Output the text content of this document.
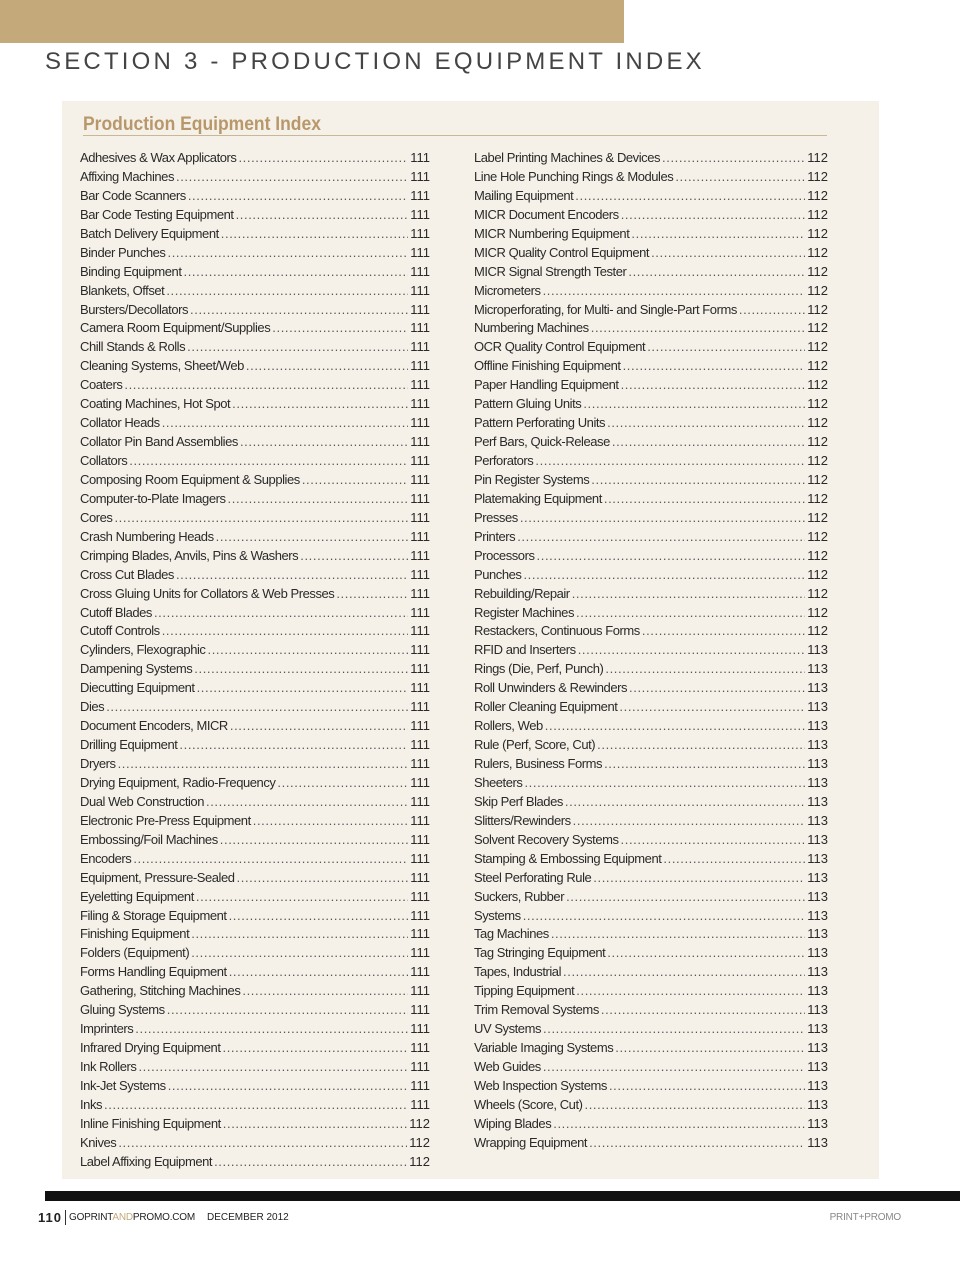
SECTION 3 - PRODUCTION EQUIPMENT INDEX
Production Equipment Index
Adhesives & Wax Applicators .....	111
Affixing Machines .....	111
Bar Code Scanners .....	111
Bar Code Testing Equipment .....	111
Batch Delivery Equipment .....	111
Binder Punches .....	111
Binding Equipment .....	111
Blankets, Offset .....	111
Bursters/Decollators .....	111
Camera Room Equipment/Supplies .....	111
Chill Stands & Rolls .....	111
Cleaning Systems, Sheet/Web .....	111
Coaters .....	111
Coating Machines, Hot Spot .....	111
Collator Heads .....	111
Collator Pin Band Assemblies .....	111
Collators .....	111
Composing Room Equipment & Supplies .....	111
Computer-to-Plate Imagers .....	111
Cores .....	111
Crash Numbering Heads .....	111
Crimping Blades, Anvils, Pins & Washers .....	111
Cross Cut Blades .....	111
Cross Gluing Units for Collators & Web Presses .....	111
Cutoff Blades .....	111
Cutoff Controls .....	111
Cylinders, Flexographic .....	111
Dampening Systems .....	111
Diecutting Equipment .....	111
Dies .....	111
Document Encoders, MICR .....	111
Drilling Equipment .....	111
Dryers .....	111
Drying Equipment, Radio-Frequency .....	111
Dual Web Construction .....	111
Electronic Pre-Press Equipment .....	111
Embossing/Foil Machines .....	111
Encoders .....	111
Equipment, Pressure-Sealed .....	111
Eyeletting Equipment .....	111
Filing & Storage Equipment .....	111
Finishing Equipment .....	111
Folders (Equipment) .....	111
Forms Handling Equipment .....	111
Gathering, Stitching Machines .....	111
Gluing Systems .....	111
Imprinters .....	111
Infrared Drying Equipment .....	111
Ink Rollers .....	111
Ink-Jet Systems .....	111
Inks .....	111
Inline Finishing Equipment .....	112
Knives .....	112
Label Affixing Equipment .....	112
Label Printing Machines & Devices .....	112
Line Hole Punching Rings & Modules .....	112
Mailing Equipment .....	112
MICR Document Encoders .....	112
MICR Numbering Equipment .....	112
MICR Quality Control Equipment .....	112
MICR Signal Strength Tester .....	112
Micrometers .....	112
Microperforating, for Multi- and Single-Part Forms .....	112
Numbering Machines .....	112
OCR Quality Control Equipment .....	112
Offline Finishing Equipment .....	112
Paper Handling Equipment .....	112
Pattern Gluing Units .....	112
Pattern Perforating Units .....	112
Perf Bars, Quick-Release .....	112
Perforators .....	112
Pin Register Systems .....	112
Platemaking Equipment .....	112
Presses .....	112
Printers .....	112
Processors .....	112
Punches .....	112
Rebuilding/Repair .....	112
Register Machines .....	112
Restackers, Continuous Forms .....	112
RFID and Inserters .....	113
Rings (Die, Perf, Punch) .....	113
Roll Unwinders & Rewinders .....	113
Roller Cleaning Equipment .....	113
Rollers, Web .....	113
Rule (Perf, Score, Cut) .....	113
Rulers, Business Forms .....	113
Sheeters .....	113
Skip Perf Blades .....	113
Slitters/Rewinders .....	113
Solvent Recovery Systems .....	113
Stamping & Embossing Equipment .....	113
Steel Perforating Rule .....	113
Suckers, Rubber .....	113
Systems .....	113
Tag Machines .....	113
Tag Stringing Equipment .....	113
Tapes, Industrial .....	113
Tipping Equipment .....	113
Trim Removal Systems .....	113
UV Systems .....	113
Variable Imaging Systems .....	113
Web Guides .....	113
Web Inspection Systems .....	113
Wheels (Score, Cut) .....	113
Wiping Blades .....	113
Wrapping Equipment .....	113
110 GOPRINTANDPROMO.COM DECEMBER 2012	PRINT+PROMO
